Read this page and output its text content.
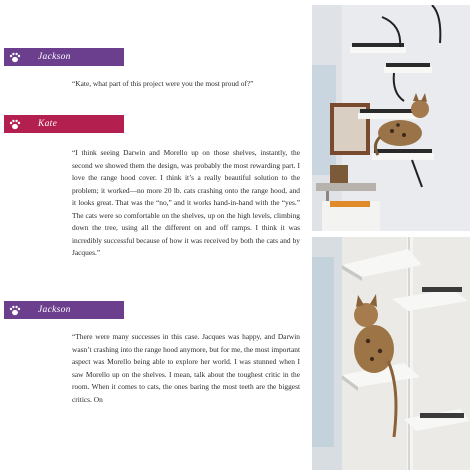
Jackson

“Kate, what part of this project were you the most proud of?”

Kate

“I think seeing Darwin and Morello up on those shelves, instantly, the second we showed them the design, was probably the most rewarding part. I love the range hood cover. I think it’s a really beautiful solution to the problem; it worked—no more 20 lb. cats crashing onto the range hood, and it looks great. That was the “no,” and it works hand-in-hand with the “yes.” The cats were so comfortable on the shelves, up on the high levels, climbing down the tree, using all the different on and off ramps. I think it was incredibly successful because of how it was received by both the cats and by Jacques.”

Jackson

“There were many successes in this case. Jacques was happy, and Darwin wasn’t crashing into the range hood anymore, but for me, the most important aspect was Morello being able to explore her world. I was stunned when I saw Morello up on the shelves. I mean, talk about the toughest critic in the room. When it comes to cats, the ones baring the most teeth are the biggest critics. On
